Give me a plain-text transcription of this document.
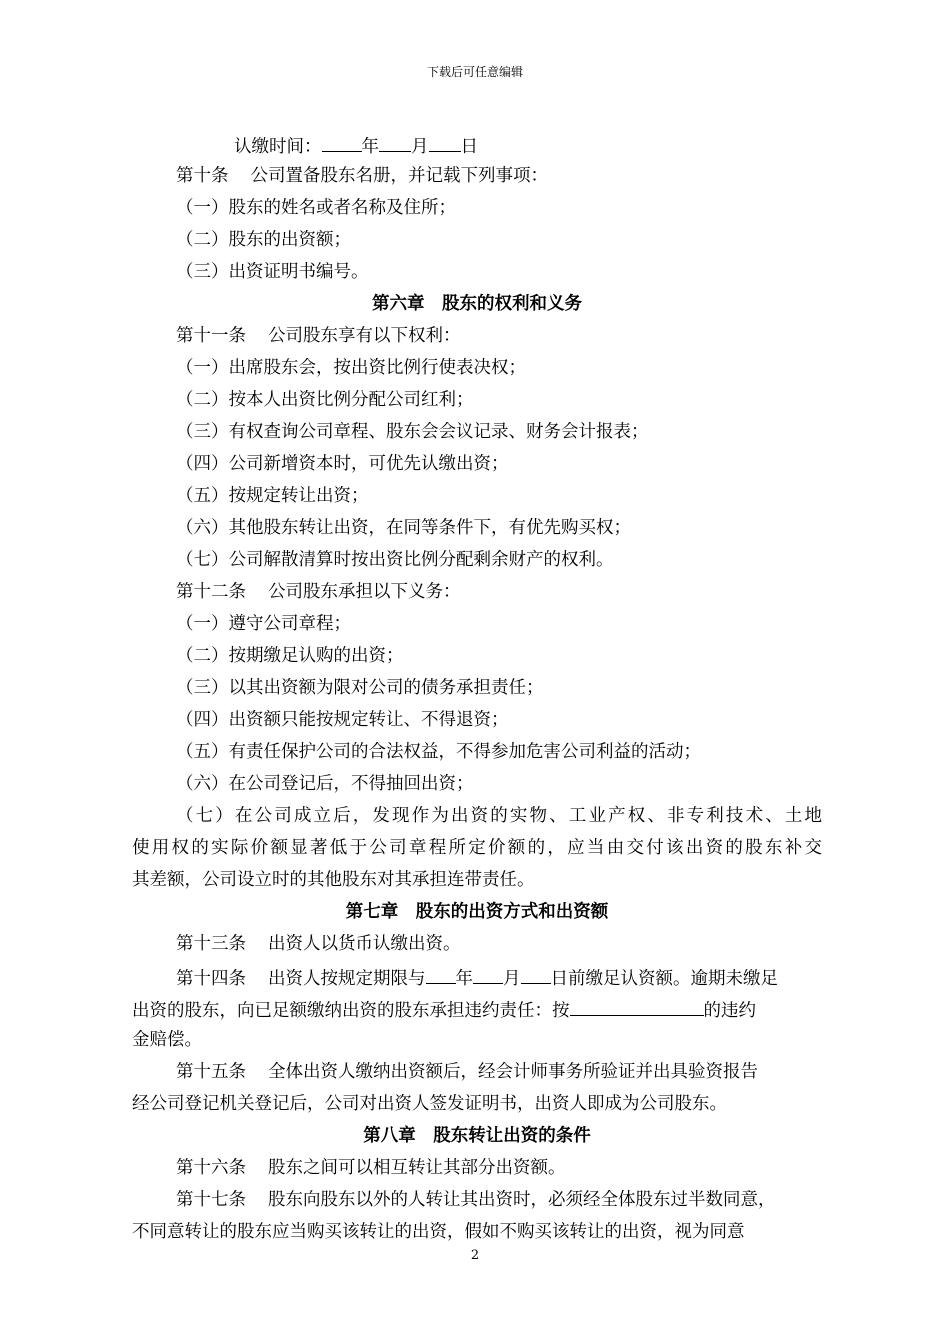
下载后可任意编辑
认缴时间： 年 月 日
第十条 公司置备股东名册，并记载下列事项：
（一）股东的姓名或者名称及住所；
（二）股东的出资额；
（三）出资证明书编号。
第六章　股东的权利和义务
第十一条 公司股东享有以下权利：
（一）出席股东会，按出资比例行使表决权；
（二）按本人出资比例分配公司红利；
（三）有权查询公司章程、股东会会议记录、财务会计报表；
（四）公司新增资本时，可优先认缴出资；
（五）按规定转让出资；
（六）其他股东转让出资，在同等条件下，有优先购买权；
（七）公司解散清算时按出资比例分配剩余财产的权利。
第十二条 公司股东承担以下义务：
（一）遵守公司章程；
（二）按期缴足认购的出资；
（三）以其出资额为限对公司的债务承担责任；
（四）出资额只能按规定转让、不得退资；
（五）有责任保护公司的合法权益，不得参加危害公司利益的活动；
（六）在公司登记后，不得抽回出资；
（七）在公司成立后，发现作为出资的实物、工业产权、非专利技术、土地
使用权的实际价额显著低于公司章程所定价额的，应当由交付该出资的股东补交
其差额，公司设立时的其他股东对其承担连带责任。
第七章　股东的出资方式和出资额
第十三条 出资人以货币认缴出资。
第十四条 出资人按规定期限与 年 月 日前缴足认资额。逾期未缴足
出资的股东，向已足额缴纳出资的股东承担违约责任：按	的违约
金赔偿。
第十五条 全体出资人缴纳出资额后，经会计师事务所验证并出具验资报告
经公司登记机关登记后，公司对出资人签发证明书，出资人即成为公司股东。
第八章　股东转让出资的条件
第十六条 股东之间可以相互转让其部分出资额。
第十七条 股东向股东以外的人转让其出资时，必须经全体股东过半数同意，
不同意转让的股东应当购买该转让的出资，假如不购买该转让的出资，视为同意
2
